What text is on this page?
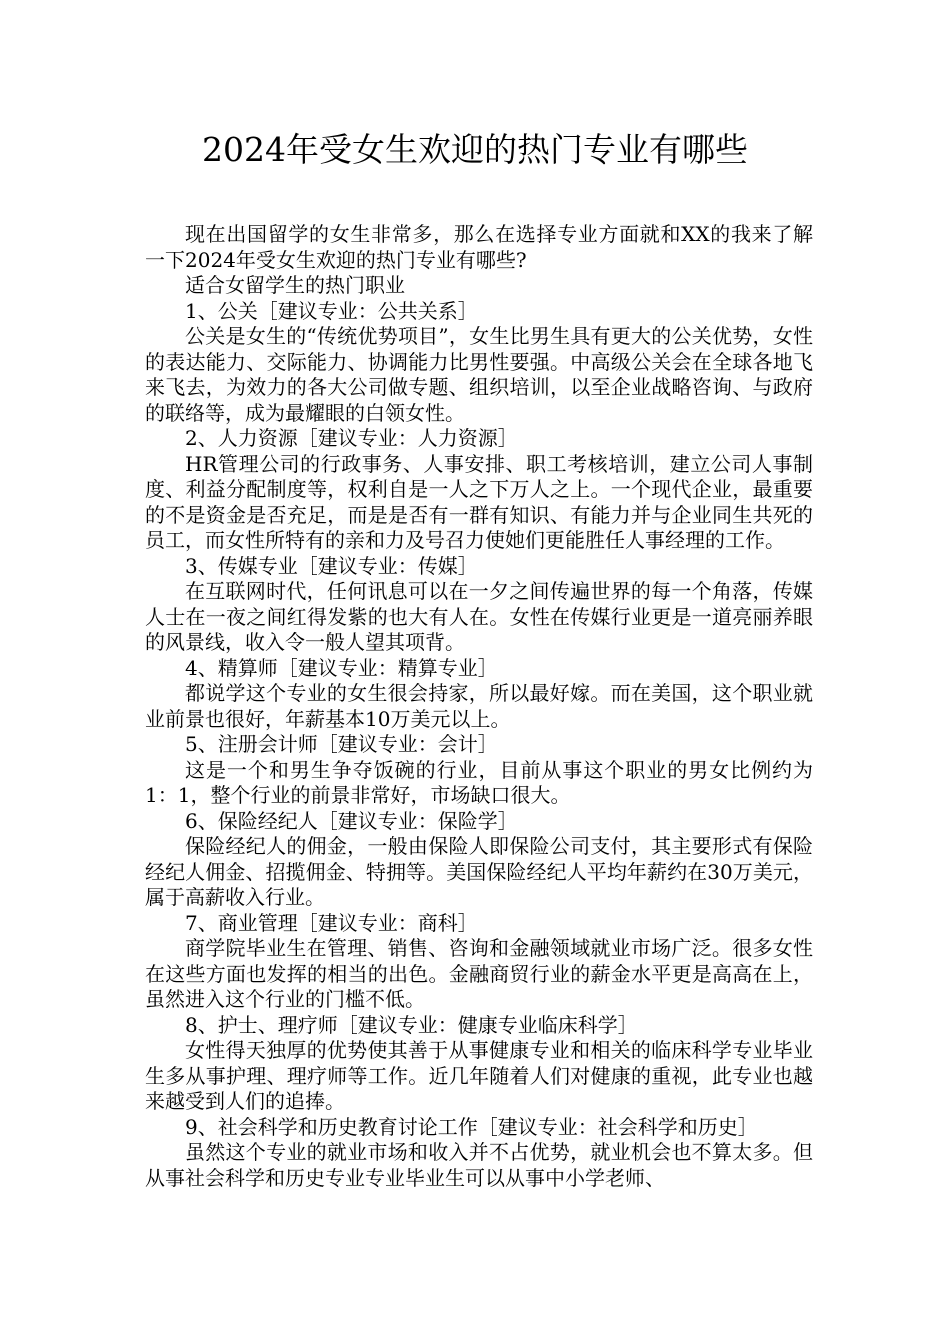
2024年受女生欢迎的热门专业有哪些

现在出国留学的女生非常多，那么在选择专业方面就和XX的我来了解一下2024年受女生欢迎的热门专业有哪些?

适合女留学生的热门职业

1、公关［建议专业：公共关系］

公关是女生的“传统优势项目”，女生比男生具有更大的公关优势，女性的表达能力、交际能力、协调能力比男性要强。中高级公关会在全球各地飞来飞去，为效力的各大公司做专题、组织培训，以至企业战略咨询、与政府的联络等，成为最耀眼的白领女性。

2、人力资源［建议专业：人力资源］

HR管理公司的行政事务、人事安排、职工考核培训，建立公司人事制度、利益分配制度等，权利自是一人之下万人之上。一个现代企业，最重要的不是资金是否充足，而是是否有一群有知识、有能力并与企业同生共死的员工，而女性所特有的亲和力及号召力使她们更能胜任人事经理的工作。

3、传媒专业［建议专业：传媒］

在互联网时代，任何讯息可以在一夕之间传遍世界的每一个角落，传媒人士在一夜之间红得发紫的也大有人在。女性在传媒行业更是一道亮丽养眼的风景线，收入令一般人望其项背。

4、精算师［建议专业：精算专业］

都说学这个专业的女生很会持家，所以最好嫁。而在美国，这个职业就业前景也很好，年薪基本10万美元以上。

5、注册会计师［建议专业：会计］

这是一个和男生争夺饭碗的行业，目前从事这个职业的男女比例约为1：1，整个行业的前景非常好，市场缺口很大。

6、保险经纪人［建议专业：保险学］

保险经纪人的佣金，一般由保险人即保险公司支付，其主要形式有保险经纪人佣金、招揽佣金、特拥等。美国保险经纪人平均年薪约在30万美元，属于高薪收入行业。

7、商业管理［建议专业：商科］

商学院毕业生在管理、销售、咨询和金融领域就业市场广泛。很多女性在这些方面也发挥的相当的出色。金融商贸行业的薪金水平更是高高在上，虽然进入这个行业的门槛不低。

8、护士、理疗师［建议专业：健康专业临床科学］

女性得天独厚的优势使其善于从事健康专业和相关的临床科学专业毕业生多从事护理、理疗师等工作。近几年随着人们对健康的重视，此专业也越来越受到人们的追捧。

9、社会科学和历史教育讨论工作［建议专业：社会科学和历史］

虽然这个专业的就业市场和收入并不占优势，就业机会也不算太多。但从事社会科学和历史专业专业毕业生可以从事中小学老师、
